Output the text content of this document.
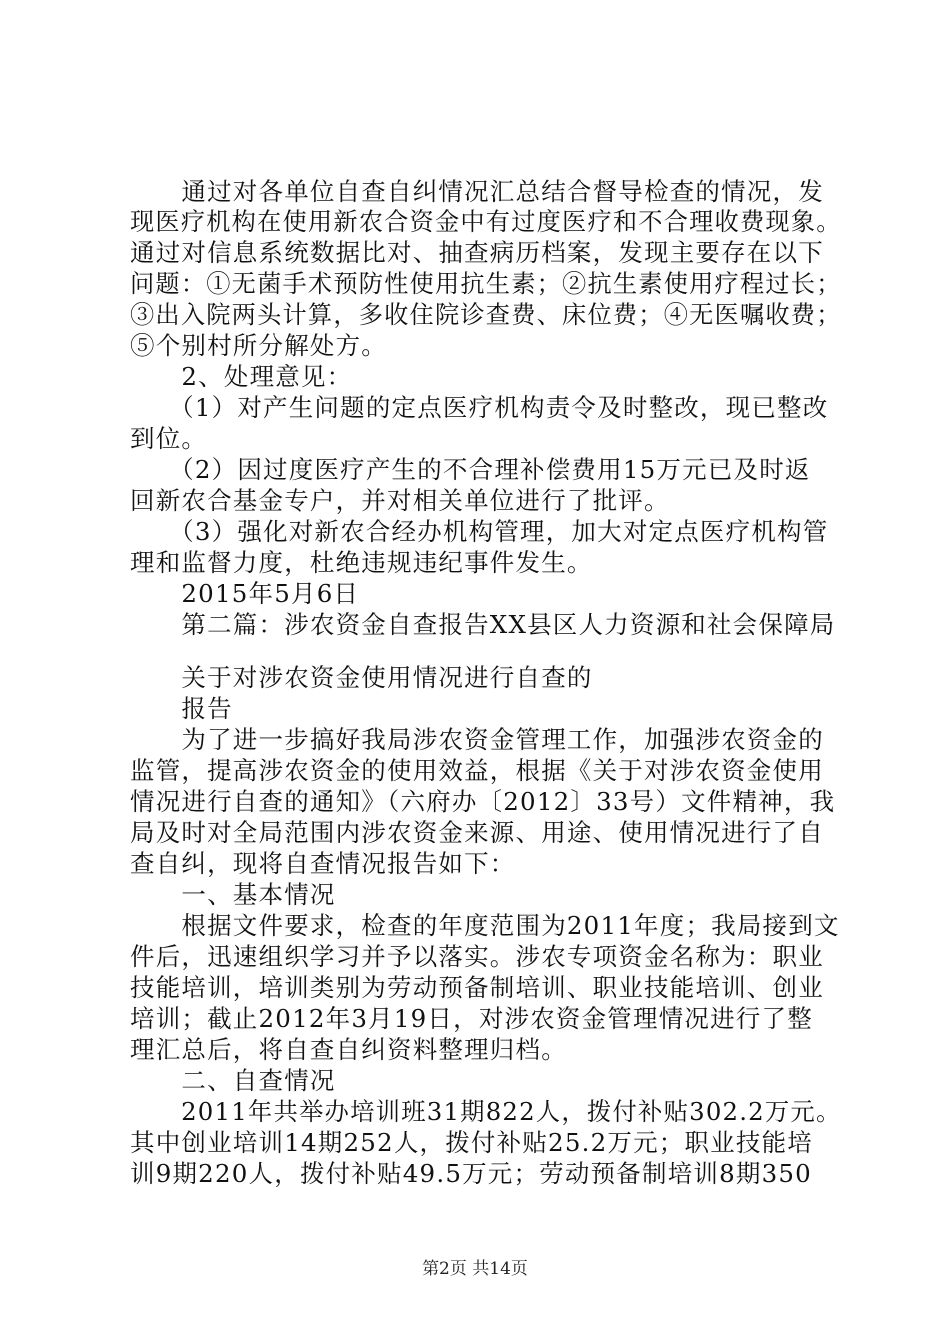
　　通过对各单位自查自纠情况汇总结合督导检查的情况，发
现医疗机构在使用新农合资金中有过度医疗和不合理收费现象。
通过对信息系统数据比对、抽查病历档案，发现主要存在以下
问题：①无菌手术预防性使用抗生素；②抗生素使用疗程过长；
③出入院两头计算，多收住院诊查费、床位费；④无医嘱收费；
⑤个别村所分解处方。
　　2、处理意见：
　　（1）对产生问题的定点医疗机构责令及时整改，现已整改
到位。
　　（2）因过度医疗产生的不合理补偿费用15万元已及时返
回新农合基金专户，并对相关单位进行了批评。
　　（3）强化对新农合经办机构管理，加大对定点医疗机构管
理和监督力度，杜绝违规违纪事件发生。
　　2015年5月6日
　　第二篇：涉农资金自查报告XX县区人力资源和社会保障局
　　关于对涉农资金使用情况进行自查的
　　报告
　　为了进一步搞好我局涉农资金管理工作，加强涉农资金的
监管，提高涉农资金的使用效益，根据《关于对涉农资金使用
情况进行自查的通知》（六府办〔2012〕33号）文件精神，我
局及时对全局范围内涉农资金来源、用途、使用情况进行了自
查自纠，现将自查情况报告如下：
　　一、基本情况
　　根据文件要求，检查的年度范围为2011年度；我局接到文
件后，迅速组织学习并予以落实。涉农专项资金名称为：职业
技能培训，培训类别为劳动预备制培训、职业技能培训、创业
培训；截止2012年3月19日，对涉农资金管理情况进行了整
理汇总后，将自查自纠资料整理归档。
　　二、自查情况
　　2011年共举办培训班31期822人，拨付补贴302.2万元。
其中创业培训14期252人，拨付补贴25.2万元；职业技能培
训9期220人，拨付补贴49.5万元；劳动预备制培训8期350
第2页 共14页
